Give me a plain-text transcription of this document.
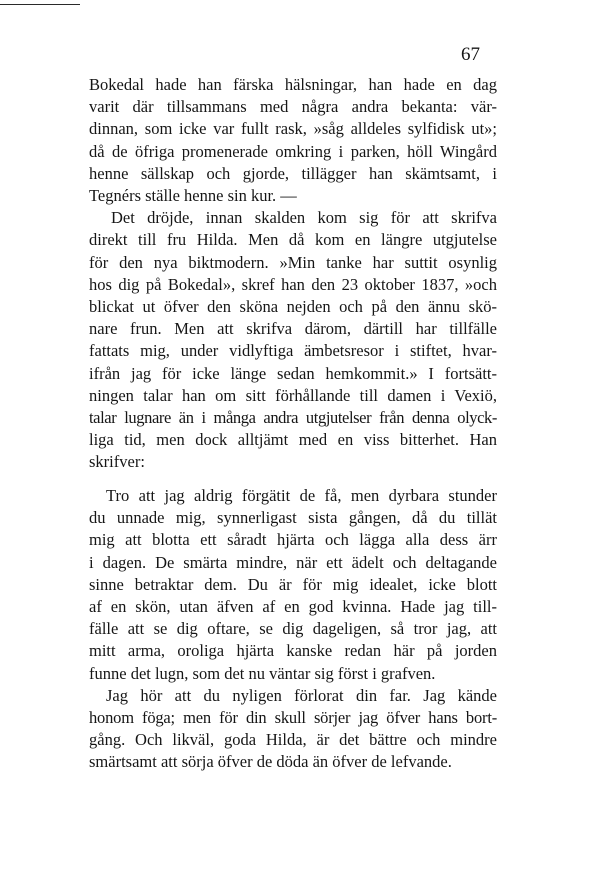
67
Bokedal hade han färska hälsningar, han hade en dag
varit där tillsammans med några andra bekanta: vär-
dinnan, som icke var fullt rask, »såg alldeles sylfidisk ut»;
då de öfriga promenerade omkring i parken, höll Wingård
henne sällskap och gjorde, tillägger han skämtsamt, i
Tegnérs ställe henne sin kur. —
Det dröjde, innan skalden kom sig för att skrifva
direkt till fru Hilda. Men då kom en längre utgjutelse
för den nya biktmodern. »Min tanke har suttit osynlig
hos dig på Bokedal», skref han den 23 oktober 1837, »och
blickat ut öfver den sköna nejden och på den ännu skö-
nare frun. Men att skrifva därom, därtill har tillfälle
fattats mig, under vidlyftiga ämbetsresor i stiftet, hvar-
ifrån jag för icke länge sedan hemkommit.» I fortsätt-
ningen talar han om sitt förhållande till damen i Vexiö,
talar lugnare än i många andra utgjutelser från denna olyck-
liga tid, men dock alltjämt med en viss bitterhet. Han
skrifver:
Tro att jag aldrig förgätit de få, men dyrbara stunder
du unnade mig, synnerligast sista gången, då du tillät
mig att blotta ett såradt hjärta och lägga alla dess ärr
i dagen. De smärta mindre, när ett ädelt och deltagande
sinne betraktar dem. Du är för mig idealet, icke blott
af en skön, utan äfven af en god kvinna. Hade jag till-
fälle att se dig oftare, se dig dageligen, så tror jag, att
mitt arma, oroliga hjärta kanske redan här på jorden
funne det lugn, som det nu väntar sig först i grafven.
Jag hör att du nyligen förlorat din far. Jag kände
honom föga; men för din skull sörjer jag öfver hans bort-
gång. Och likväl, goda Hilda, är det bättre och mindre
smärtsamt att sörja öfver de döda än öfver de lefvande.
